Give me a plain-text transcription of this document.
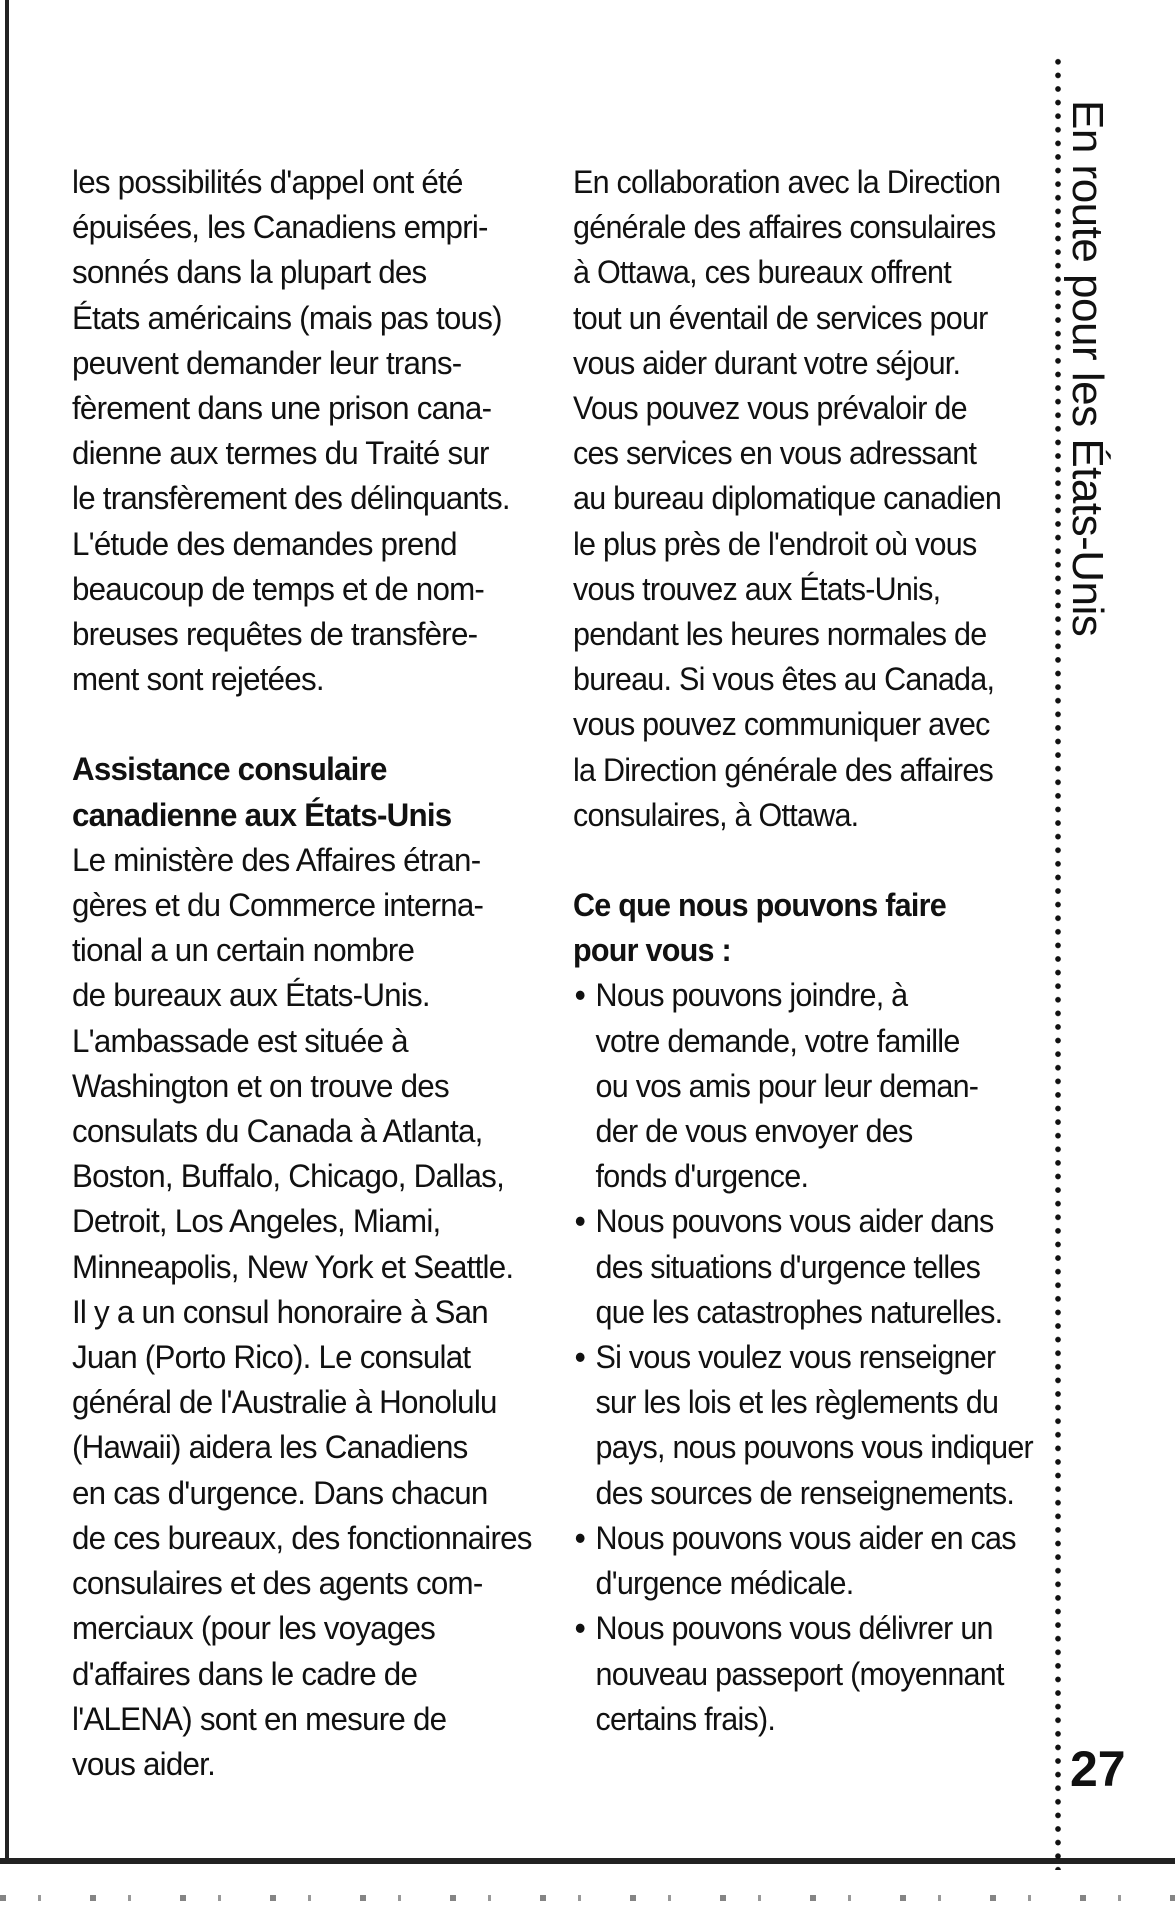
les possibilités d'appel ont été
épuisées, les Canadiens empri-
sonnés dans la plupart des
États américains (mais pas tous)
peuvent demander leur trans-
fèrement dans une prison cana-
dienne aux termes du Traité sur
le transfèrement des délinquants.
L'étude des demandes prend
beaucoup de temps et de nom-
breuses requêtes de transfère-
ment sont rejetées.

Assistance consulaire
canadienne aux États-Unis

Le ministère des Affaires étran-
gères et du Commerce interna-
tional a un certain nombre
de bureaux aux États-Unis.
L'ambassade est située à
Washington et on trouve des
consulats du Canada à Atlanta,
Boston, Buffalo, Chicago, Dallas,
Detroit, Los Angeles, Miami,
Minneapolis, New York et Seattle.
Il y a un consul honoraire à San
Juan (Porto Rico). Le consulat
général de l'Australie à Honolulu
(Hawaii) aidera les Canadiens
en cas d'urgence. Dans chacun
de ces bureaux, des fonctionnaires
consulaires et des agents com-
merciaux (pour les voyages
d'affaires dans le cadre de
l'ALENA) sont en mesure de
vous aider.

En collaboration avec la Direction
générale des affaires consulaires
à Ottawa, ces bureaux offrent
tout un éventail de services pour
vous aider durant votre séjour.
Vous pouvez vous prévaloir de
ces services en vous adressant
au bureau diplomatique canadien
le plus près de l'endroit où vous
vous trouvez aux États-Unis,
pendant les heures normales de
bureau. Si vous êtes au Canada,
vous pouvez communiquer avec
la Direction générale des affaires
consulaires, à Ottawa.

Ce que nous pouvons faire
pour vous :

• Nous pouvons joindre, à
votre demande, votre famille
ou vos amis pour leur deman-
der de vous envoyer des
fonds d'urgence.
• Nous pouvons vous aider dans
des situations d'urgence telles
que les catastrophes naturelles.
• Si vous voulez vous renseigner
sur les lois et les règlements du
pays, nous pouvons vous indiquer
des sources de renseignements.
• Nous pouvons vous aider en cas
d'urgence médicale.
• Nous pouvons vous délivrer un
nouveau passeport (moyennant
certains frais).
En route pour les États-Unis
27
